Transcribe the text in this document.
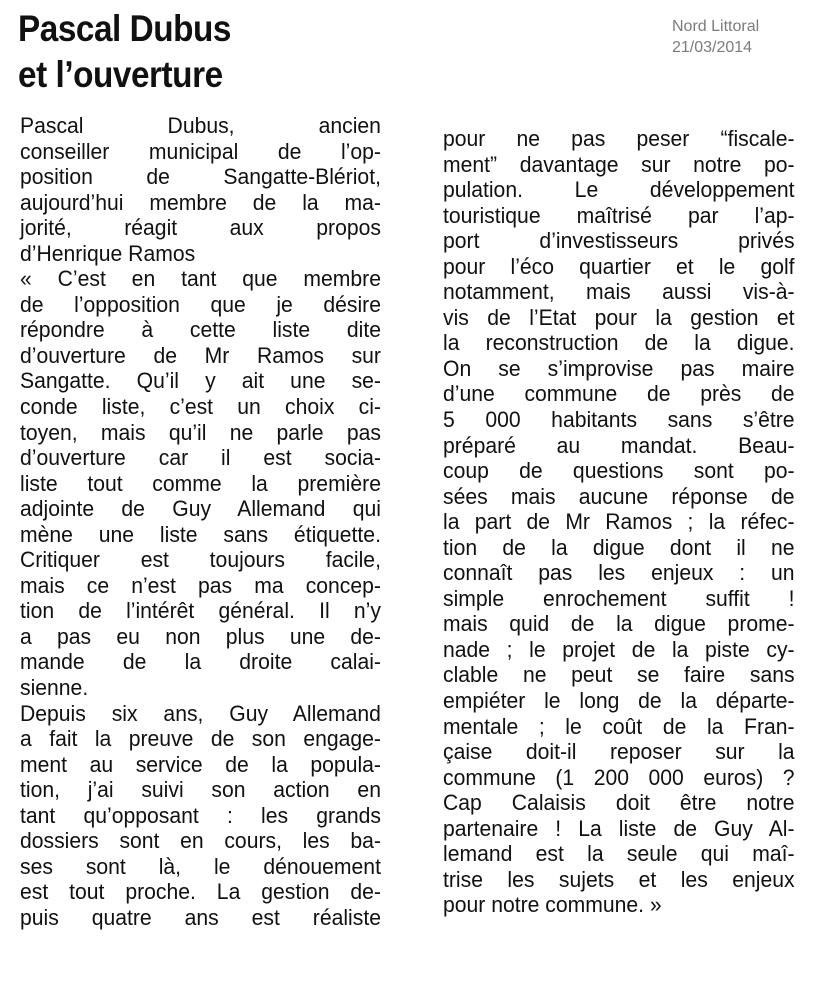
Pascal Dubus
et l’ouverture
Nord Littoral
21/03/2014
Pascal Dubus, ancien
conseiller municipal de l’op-
position de Sangatte-Blériot,
aujourd’hui membre de la ma-
jorité, réagit aux propos
d’Henrique Ramos
« C’est en tant que membre
de l’opposition que je désire
répondre à cette liste dite
d’ouverture de Mr Ramos sur
Sangatte. Qu’il y ait une se-
conde liste, c’est un choix ci-
toyen, mais qu’il ne parle pas
d’ouverture car il est socia-
liste tout comme la première
adjointe de Guy Allemand qui
mène une liste sans étiquette.
Critiquer est toujours facile,
mais ce n’est pas ma concep-
tion de l’intérêt général. Il n’y
a pas eu non plus une de-
mande de la droite calai-
sienne.
Depuis six ans, Guy Allemand
a fait la preuve de son engage-
ment au service de la popula-
tion, j’ai suivi son action en
tant qu’opposant : les grands
dossiers sont en cours, les ba-
ses sont là, le dénouement
est tout proche. La gestion de-
puis quatre ans est réaliste
pour ne pas peser “fiscale-
ment” davantage sur notre po-
pulation. Le développement
touristique maîtrisé par l’ap-
port d’investisseurs privés
pour l’éco quartier et le golf
notamment, mais aussi vis-à-
vis de l’Etat pour la gestion et
la reconstruction de la digue.
On se s’improvise pas maire
d’une commune de près de
5 000 habitants sans s’être
préparé au mandat. Beau-
coup de questions sont po-
sées mais aucune réponse de
la part de Mr Ramos ; la réfec-
tion de la digue dont il ne
connaît pas les enjeux : un
simple enrochement suffit !
mais quid de la digue prome-
nade ; le projet de la piste cy-
clable ne peut se faire sans
empiéter le long de la départe-
mentale ; le coût de la Fran-
çaise doit-il reposer sur la
commune (1 200 000 euros) ?
Cap Calaisis doit être notre
partenaire ! La liste de Guy Al-
lemand est la seule qui maî-
trise les sujets et les enjeux
pour notre commune. »
